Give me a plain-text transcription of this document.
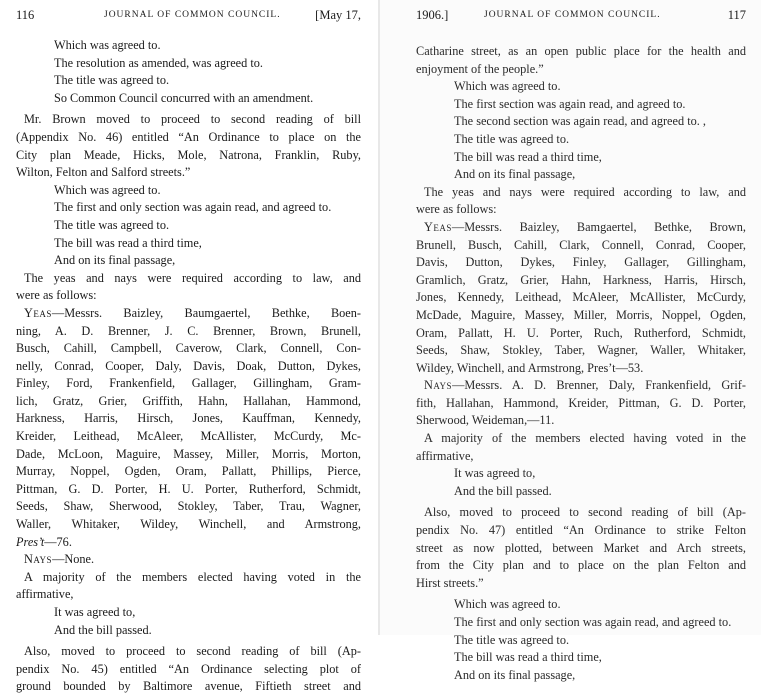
116	JOURNAL OF COMMON COUNCIL.	[May 17,
Which was agreed to.
The resolution as amended, was agreed to.
The title was agreed to.
So Common Council concurred with an amendment.
Mr. Brown moved to proceed to second reading of bill
(Appendix No. 46) entitled “An Ordinance to place on the
City plan Meade, Hicks, Mole, Natrona, Franklin, Ruby,
Wilton, Felton and Salford streets.”
Which was agreed to.
The first and only section was again read, and agreed to.
The title was agreed to.
The bill was read a third time,
And on its final passage,
The yeas and nays were required according to law, and
were as follows:
Yeas—Messrs. Baizley, Baumgaertel, Bethke, Boen-
ning, A. D. Brenner, J. C. Brenner, Brown, Brunell,
Busch, Cahill, Campbell, Caverow, Clark, Connell, Con-
nelly, Conrad, Cooper, Daly, Davis, Doak, Dutton, Dykes,
Finley, Ford, Frankenfield, Gallager, Gillingham, Gram-
lich, Gratz, Grier, Griffith, Hahn, Hallahan, Hammond,
Harkness, Harris, Hirsch, Jones, Kauffman, Kennedy,
Kreider, Leithead, McAleer, McAllister, McCurdy, Mc-
Dade, McLoon, Maguire, Massey, Miller, Morris, Morton,
Murray, Noppel, Ogden, Oram, Pallatt, Phillips, Pierce,
Pittman, G. D. Porter, H. U. Porter, Rutherford, Schmidt,
Seeds, Shaw, Sherwood, Stokley, Taber, Trau, Wagner,
Waller, Whitaker, Wildey, Winchell, and Armstrong,
Pres’t—76.
Nays—None.
A majority of the members elected having voted in the
affirmative,
It was agreed to,
And the bill passed.
Also, moved to proceed to second reading of bill (Ap-
pendix No. 45) entitled “An Ordinance selecting plot of
ground bounded by Baltimore avenue, Fiftieth street and
1906.]	JOURNAL OF COMMON COUNCIL.	117
Catharine street, as an open public place for the health and
enjoyment of the people.”
Which was agreed to.
The first section was again read, and agreed to.
The second section was again read, and agreed to. ,
The title was agreed to.
The bill was read a third time,
And on its final passage,
The yeas and nays were required according to law, and
were as follows:
Yeas—Messrs. Baizley, Bamgaertel, Bethke, Brown,
Brunell, Busch, Cahill, Clark, Connell, Conrad, Cooper,
Davis, Dutton, Dykes, Finley, Gallager, Gillingham,
Gramlich, Gratz, Grier, Hahn, Harkness, Harris, Hirsch,
Jones, Kennedy, Leithead, McAleer, McAllister, McCurdy,
McDade, Maguire, Massey, Miller, Morris, Noppel, Ogden,
Oram, Pallatt, H. U. Porter, Ruch, Rutherford, Schmidt,
Seeds, Shaw, Stokley, Taber, Wagner, Waller, Whitaker,
Wildey, Winchell, and Armstrong, Pres’t—53.
Nays—Messrs. A. D. Brenner, Daly, Frankenfield, Grif-
fith, Hallahan, Hammond, Kreider, Pittman, G. D. Porter,
Sherwood, Weideman,—11.
A majority of the members elected having voted in the
affirmative,
It was agreed to,
And the bill passed.
Also, moved to proceed to second reading of bill (Ap-
pendix No. 47) entitled “An Ordinance to strike Felton
street as now plotted, between Market and Arch streets,
from the City plan and to place on the plan Felton and
Hirst streets.”
Which was agreed to.
The first and only section was again read, and agreed to.
The title was agreed to.
The bill was read a third time,
And on its final passage,
